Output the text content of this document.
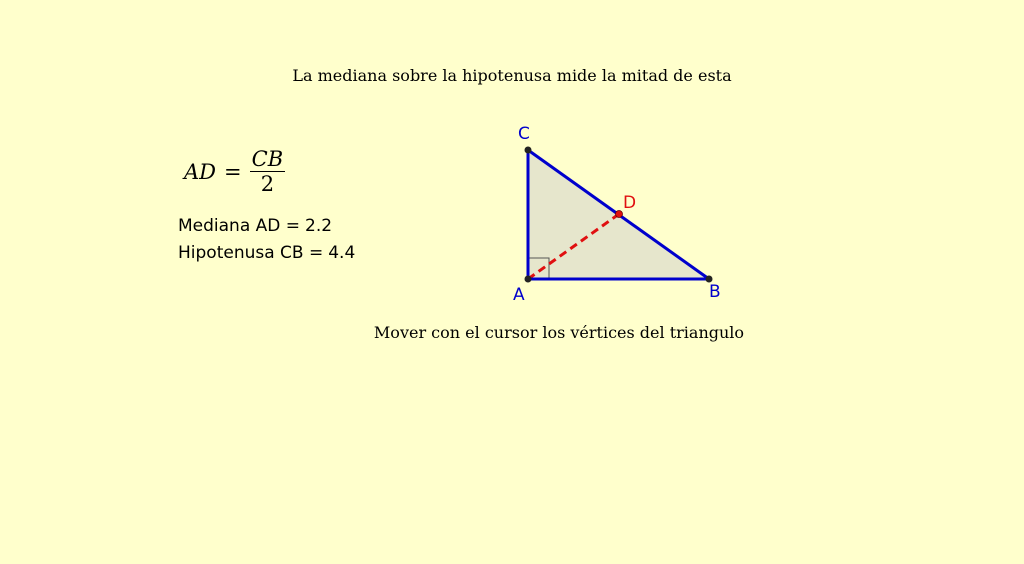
La mediana sobre la hipotenusa mide la mitad de esta
AD = $\frac{CB}{2}$
Mediana AD = 2.2
Hipotenusa CB = 4.4
A	B
C
D
Mover con el cursor los vértices del triangulo
